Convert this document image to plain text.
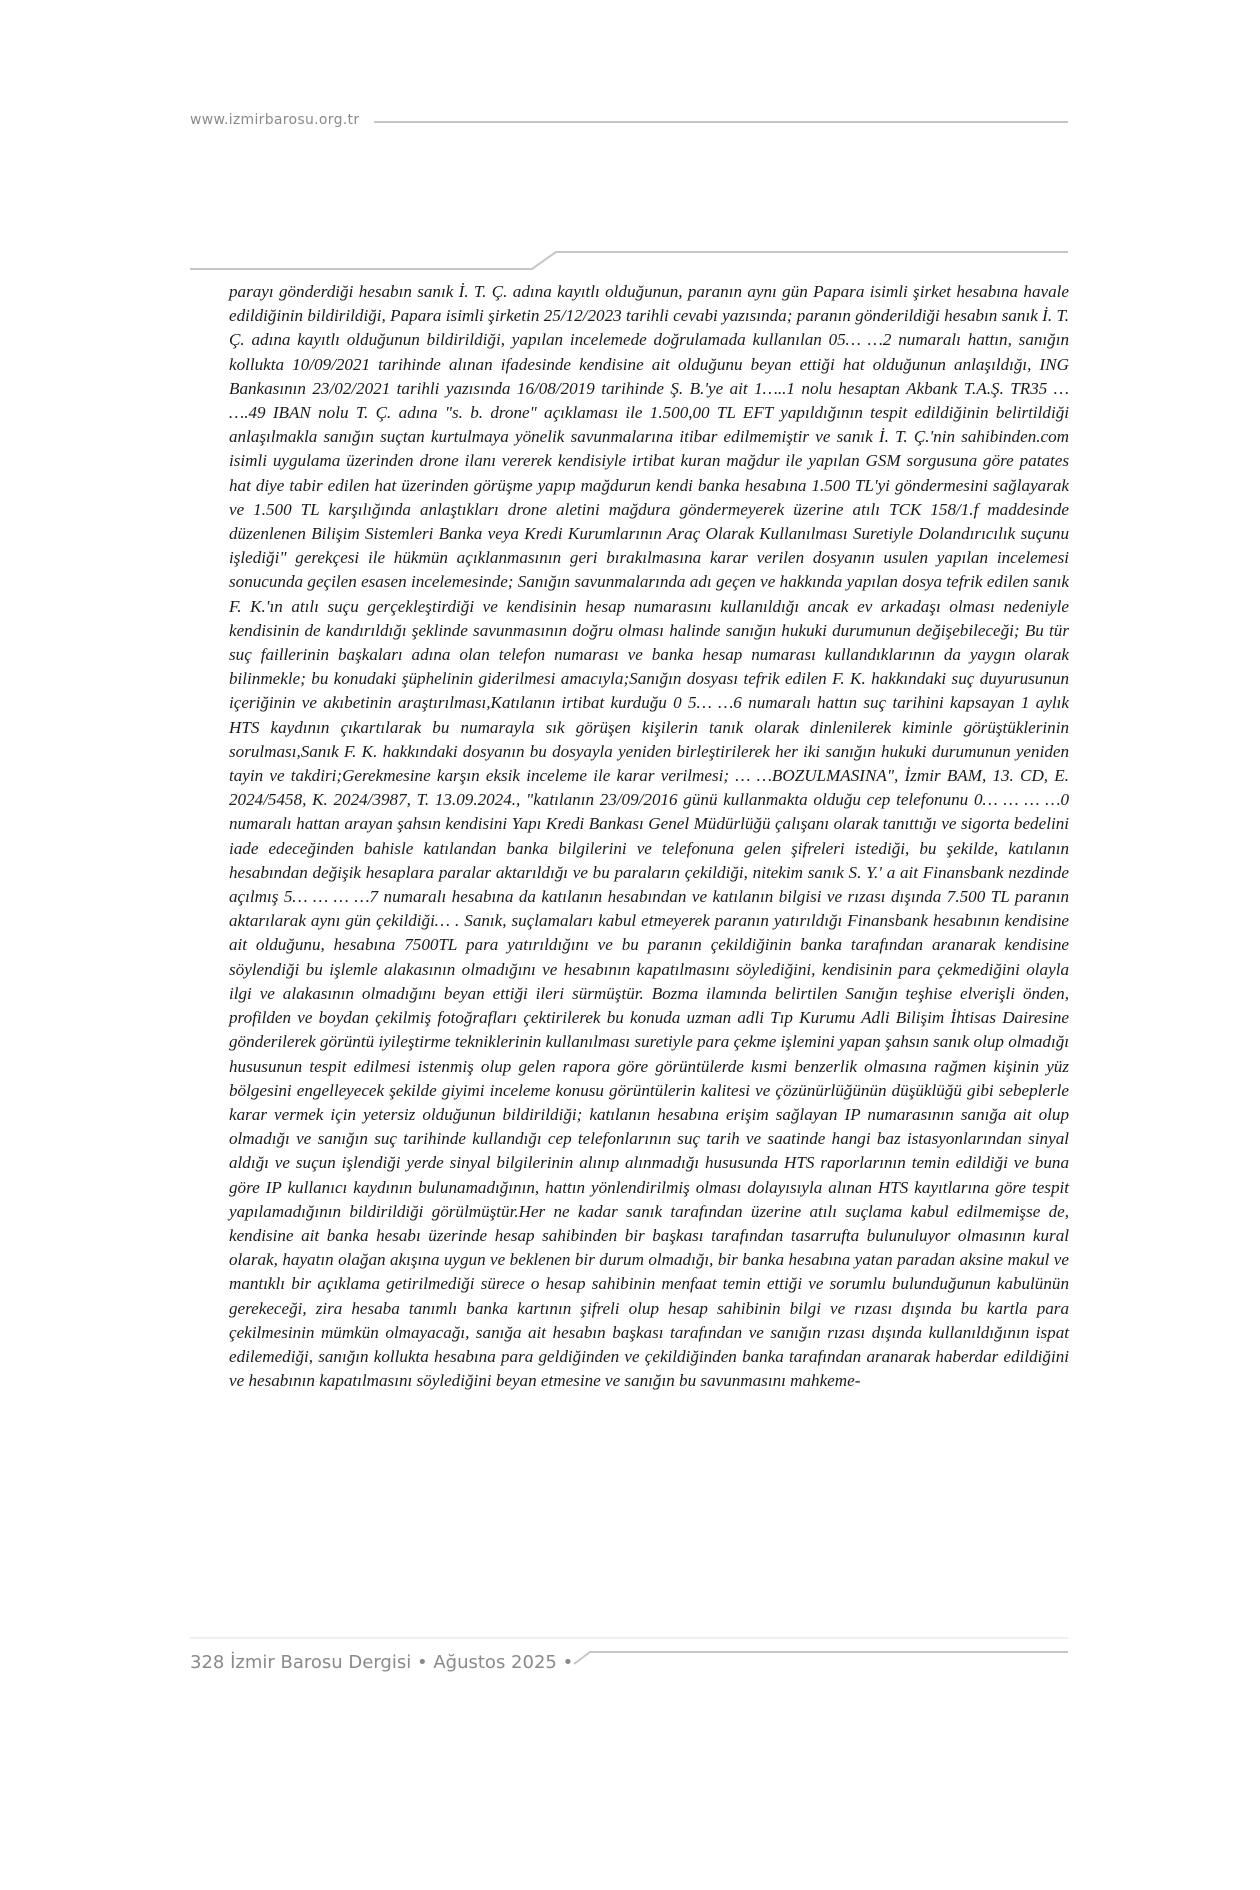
www.izmirbarosu.org.tr

parayı gönderdiği hesabın sanık İ. T. Ç. adına kayıtlı olduğunun, paranın aynı gün Papara isimli şirket hesabına havale edildiğinin bildirildiği, Papara isimli şirketin 25/12/2023 tarihli cevabi yazısında; paranın gönderildiği hesabın sanık İ. T. Ç. adına kayıtlı olduğunun bildirildiği, yapılan incelemede doğrulamada kullanılan 05… …2 numaralı hattın, sanığın kollukta 10/09/2021 tarihinde alınan ifadesinde kendisine ait olduğunu beyan ettiği hat olduğunun anlaşıldığı, ING Bankasının 23/02/2021 tarihli yazısında 16/08/2019 tarihinde Ş. B.'ye ait 1…..1 nolu hesaptan Akbank T.A.Ş. TR35 … ….49 IBAN nolu T. Ç. adına "s. b. drone" açıklaması ile 1.500,00 TL EFT yapıldığının tespit edildiğinin belirtildiği anlaşılmakla sanığın suçtan kurtulmaya yönelik savunmalarına itibar edilmemiştir ve sanık İ. T. Ç.'nin sahibinden.com isimli uygulama üzerinden drone ilanı vererek kendisiyle irtibat kuran mağdur ile yapılan GSM sorgusuna göre patates hat diye tabir edilen hat üzerinden görüşme yapıp mağdurun kendi banka hesabına 1.500 TL'yi göndermesini sağlayarak ve 1.500 TL karşılığında anlaştıkları drone aletini mağdura göndermeyerek üzerine atılı TCK 158/1.f maddesinde düzenlenen Bilişim Sistemleri Banka veya Kredi Kurumlarının Araç Olarak Kullanılması Suretiyle Dolandırıcılık suçunu işlediği" gerekçesi ile hükmün açıklanmasının geri bırakılmasına karar verilen dosyanın usulen yapılan incelemesi sonucunda geçilen esasen incelemesinde; Sanığın savunmalarında adı geçen ve hakkında yapılan dosya tefrik edilen sanık F. K.'ın atılı suçu gerçekleştirdiği ve kendisinin hesap numarasını kullanıldığı ancak ev arkadaşı olması nedeniyle kendisinin de kandırıldığı şeklinde savunmasının doğru olması halinde sanığın hukuki durumunun değişebileceği; Bu tür suç faillerinin başkaları adına olan telefon numarası ve banka hesap numarası kullandıklarının da yaygın olarak bilinmekle; bu konudaki şüphelinin giderilmesi amacıyla;Sanığın dosyası tefrik edilen F. K. hakkındaki suç duyurusunun içeriğinin ve akıbetinin araştırılması,Katılanın irtibat kurduğu 0 5… …6 numaralı hattın suç tarihini kapsayan 1 aylık HTS kaydının çıkartılarak bu numarayla sık görüşen kişilerin tanık olarak dinlenilerek kiminle görüştüklerinin sorulması,Sanık F. K. hakkındaki dosyanın bu dosyayla yeniden birleştirilerek her iki sanığın hukuki durumunun yeniden tayin ve takdiri;Gerekmesine karşın eksik inceleme ile karar verilmesi; … …BOZULMASINA", İzmir BAM, 13. CD, E. 2024/5458, K. 2024/3987, T. 13.09.2024., "katılanın 23/09/2016 günü kullanmakta olduğu cep telefonunu 0… … … …0 numaralı hattan arayan şahsın kendisini Yapı Kredi Bankası Genel Müdürlüğü çalışanı olarak tanıttığı ve sigorta bedelini iade edeceğinden bahisle katılandan banka bilgilerini ve telefonuna gelen şifreleri istediği, bu şekilde, katılanın hesabından değişik hesaplara paralar aktarıldığı ve bu paraların çekildiği, nitekim sanık S. Y.' a ait Finansbank nezdinde açılmış 5… … … …7 numaralı hesabına da katılanın hesabından ve katılanın bilgisi ve rızası dışında 7.500 TL paranın aktarılarak aynı gün çekildiği… . Sanık, suçlamaları kabul etmeyerek paranın yatırıldığı Finansbank hesabının kendisine ait olduğunu, hesabına 7500TL para yatırıldığını ve bu paranın çekildiğinin banka tarafından aranarak kendisine söylendiği bu işlemle alakasının olmadığını ve hesabının kapatılmasını söylediğini, kendisinin para çekmediğini olayla ilgi ve alakasının olmadığını beyan ettiği ileri sürmüştür. Bozma ilamında belirtilen Sanığın teşhise elverişli önden, profilden ve boydan çekilmiş fotoğrafları çektirilerek bu konuda uzman adli Tıp Kurumu Adli Bilişim İhtisas Dairesine gönderilerek görüntü iyileştirme tekniklerinin kullanılması suretiyle para çekme işlemini yapan şahsın sanık olup olmadığı hususunun tespit edilmesi istenmiş olup gelen rapora göre görüntülerde kısmi benzerlik olmasına rağmen kişinin yüz bölgesini engelleyecek şekilde giyimi inceleme konusu görüntülerin kalitesi ve çözünürlüğünün düşüklüğü gibi sebeplerle karar vermek için yetersiz olduğunun bildirildiği; katılanın hesabına erişim sağlayan IP numarasının sanığa ait olup olmadığı ve sanığın suç tarihinde kullandığı cep telefonlarının suç tarih ve saatinde hangi baz istasyonlarından sinyal aldığı ve suçun işlendiği yerde sinyal bilgilerinin alınıp alınmadığı hususunda HTS raporlarının temin edildiği ve buna göre IP kullanıcı kaydının bulunamadığının, hattın yönlendirilmiş olması dolayısıyla alınan HTS kayıtlarına göre tespit yapılamadığının bildirildiği görülmüştür.Her ne kadar sanık tarafından üzerine atılı suçlama kabul edilmemişse de, kendisine ait banka hesabı üzerinde hesap sahibinden bir başkası tarafından tasarrufta bulunuluyor olmasının kural olarak, hayatın olağan akışına uygun ve beklenen bir durum olmadığı, bir banka hesabına yatan paradan aksine makul ve mantıklı bir açıklama getirilmediği sürece o hesap sahibinin menfaat temin ettiği ve sorumlu bulunduğunun kabulünün gerekeceği, zira hesaba tanımlı banka kartının şifreli olup hesap sahibinin bilgi ve rızası dışında bu kartla para çekilmesinin mümkün olmayacağı, sanığa ait hesabın başkası tarafından ve sanığın rızası dışında kullanıldığının ispat edilemediği, sanığın kollukta hesabına para geldiğinden ve çekildiğinden banka tarafından aranarak haberdar edildiğini ve hesabının kapatılmasını söylediğini beyan etmesine ve sanığın bu savunmasını mahkeme-

328 İzmir Barosu Dergisi • Ağustos 2025 •
